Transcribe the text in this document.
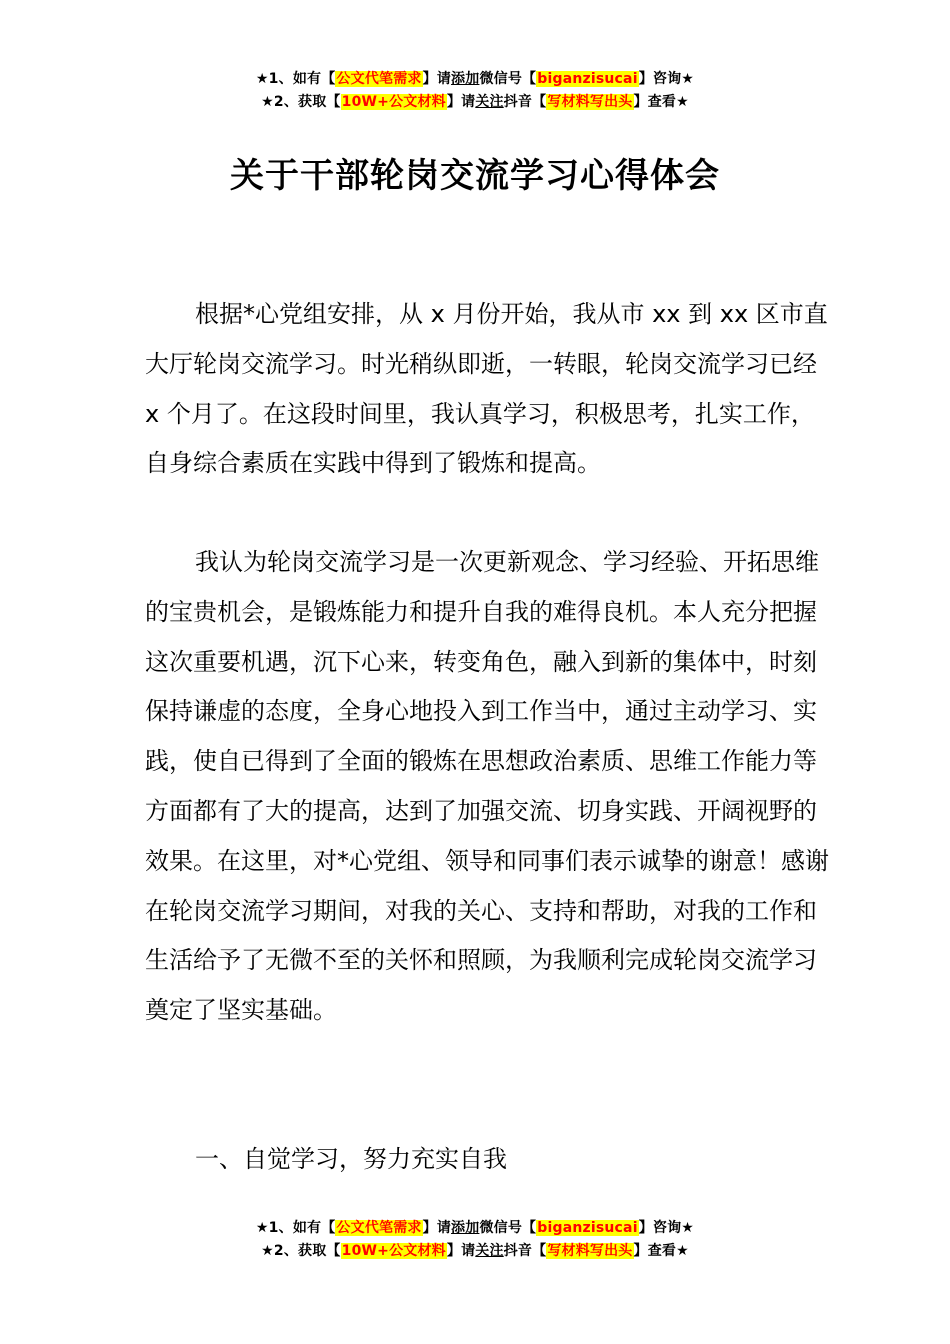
★1、如有【公文代笔需求】请添加微信号【biganzisucai】咨询★
★2、获取【10W+公文材料】请关注抖音【写材料写出头】查看★
关于干部轮岗交流学习心得体会

根据*心党组安排，从 x 月份开始，我从市 xx 到 xx 区市直大厅轮岗交流学习。时光稍纵即逝，一转眼，轮岗交流学习已经 x 个月了。在这段时间里，我认真学习，积极思考，扎实工作，自身综合素质在实践中得到了锻炼和提高。

我认为轮岗交流学习是一次更新观念、学习经验、开拓思维的宝贵机会，是锻炼能力和提升自我的难得良机。本人充分把握这次重要机遇，沉下心来，转变角色，融入到新的集体中，时刻保持谦虚的态度，全身心地投入到工作当中，通过主动学习、实践，使自已得到了全面的锻炼在思想政治素质、思维工作能力等方面都有了大的提高，达到了加强交流、切身实践、开阔视野的效果。在这里，对*心党组、领导和同事们表示诚挚的谢意！感谢在轮岗交流学习期间，对我的关心、支持和帮助，对我的工作和生活给予了无微不至的关怀和照顾，为我顺利完成轮岗交流学习奠定了坚实基础。

一、自觉学习，努力充实自我

★1、如有【公文代笔需求】请添加微信号【biganzisucai】咨询★
★2、获取【10W+公文材料】请关注抖音【写材料写出头】查看★
